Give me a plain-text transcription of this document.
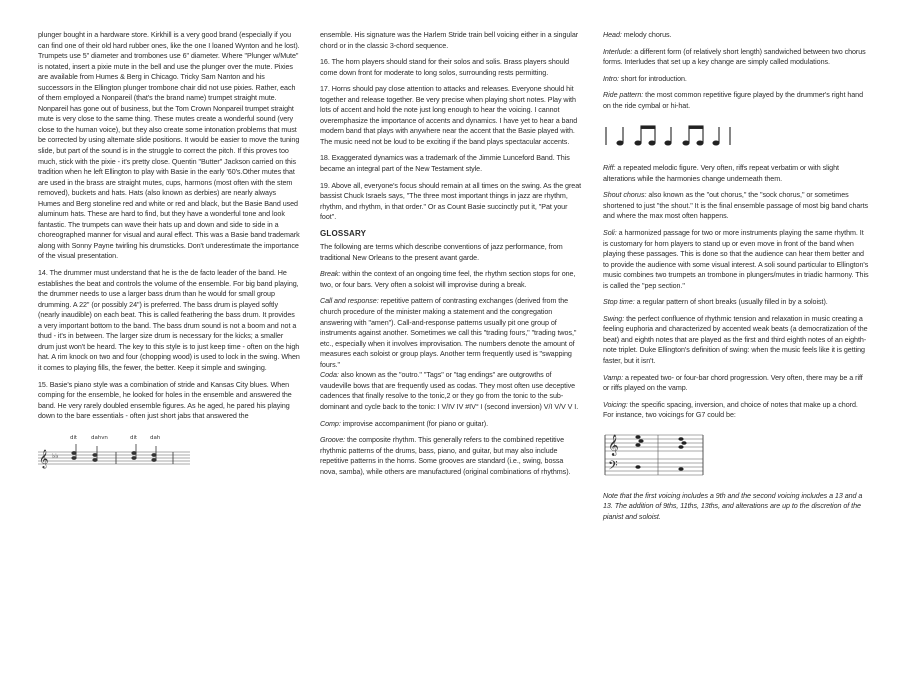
plunger bought in a hardware store. Kirkhill is a very good brand (especially if you can find one of their old hard rubber ones, like the one I loaned Wynton and he lost). Trumpets use 5" diameter and trombones use 6" diameter. Where "Plunger w/Mute" is notated, insert a pixie mute in the bell and use the plunger over the mute. Pixies are available from Humes & Berg in Chicago. Tricky Sam Nanton and his successors in the Ellington plunger trombone chair did not use pixies. Rather, each of them employed a Nonpareil (that's the brand name) trumpet straight mute. Nonpareil has gone out of business, but the Tom Crown Nonpareil trumpet straight mute is very close to the same thing. These mutes create a wonderful sound (very close to the human voice), but they also create some intonation problems that must be corrected by using alternate slide positions. It would be easier to move the tuning slide, but part of the sound is in the struggle to correct the pitch. If this proves too much, stick with the pixie - it's pretty close. Quentin "Butter" Jackson carried on this tradition when he left Ellington to play with Basie in the early '60's.Other mutes that are used in the brass are straight mutes, cups, harmons (most often with the stem removed), buckets and hats. Hats (also known as derbies) are nearly always Humes and Berg stoneline red and white or red and black, but the Basie Band used aluminum hats. These are hard to find, but they have a wonderful tone and look fantastic. The trumpets can wave their hats up and down and side to side in a choreographed manner for visual and aural effect. This was a Basie band trademark along with Sonny Payne twirling his drumsticks. Don't underestimate the importance of the visual presentation.

14. The drummer must understand that he is the de facto leader of the band. He establishes the beat and controls the volume of the ensemble. For big band playing, the drummer needs to use a larger bass drum than he would for small group drumming. A 22" (or possibly 24") is preferred. The bass drum is played softly (nearly inaudible) on each beat. This is called feathering the bass drum. It provides a very important bottom to the band. The bass drum sound is not a boom and not a thud - it's in between. The larger size drum is necessary for the kicks; a smaller drum just won't be heard. The key to this style is to just keep time - often on the high hat. A rim knock on two and four (chopping wood) is used to lock in the swing. When it comes to playing fills, the fewer, the better. Keep it simple and swinging.

15. Basie's piano style was a combination of stride and Kansas City blues. When comping for the ensemble, he looked for holes in the ensemble and answered the band. He very rarely doubled ensemble figures. As he aged, he pared his playing down to the bare essentials - often just short jabs that answered the

𝄞 ♭♭
dit	dahvn	dit dah

ensemble. His signature was the Harlem Stride train bell voicing either in a singular chord or in the classic 3-chord sequence.

16. The horn players should stand for their solos and solis. Brass players should come down front for moderate to long solos, surrounding rests permitting.

17. Horns should pay close attention to attacks and releases. Everyone should hit together and release together. Be very precise when playing short notes. Play with lots of accent and hold the note just long enough to hear the voicing. I cannot overemphasize the importance of accents and dynamics. I have yet to hear a band modern band that plays with anywhere near the accent that the Basie played with. The music need not be loud to be exciting if the band plays spectacular accents.

18. Exaggerated dynamics was a trademark of the Jimmie Lunceford Band. This became an integral part of the New Testament style.

19. Above all, everyone's focus should remain at all times on the swing. As the great bassist Chuck Israels says, "The three most important things in jazz are rhythm, rhythm, and rhythm, in that order." Or as Count Basie succinctly put it, "Pat your foot".

GLOSSARY

The following are terms which describe conventions of jazz performance, from traditional New Orleans to the present avant garde.

Break: within the context of an ongoing time feel, the rhythm section stops for one, two, or four bars. Very often a soloist will improvise during a break.

Call and response: repetitive pattern of contrasting exchanges (derived from the church procedure of the minister making a statement and the congregation answering with "amen"). Call-and-response patterns usually pit one group of instruments against another. Sometimes we call this "trading fours," "trading twos," etc., especially when it involves improvisation. The numbers denote the amount of measures each soloist or group plays. Another term frequently used is "swapping fours."
Coda: also known as the "outro." "Tags" or "tag endings" are outgrowths of vaudeville bows that are frequently used as codas. They most often use deceptive cadences that finally resolve to the tonic,2 or they go from the tonic to the sub-dominant and cycle back to the tonic: I V/IV IV #IV° I (second inversion) V/I V/V V I.

Comp: improvise accompaniment (for piano or guitar).

Groove: the composite rhythm. This generally refers to the combined repetitive rhythmic patterns of the drums, bass, piano, and guitar, but may also include repetitive patterns in the horns. Some grooves are standard (i.e., swing, bossa nova, samba), while others are manufactured (original combinations of rhythms).

Head: melody chorus.

Interlude: a different form (of relatively short length) sandwiched between two chorus forms. Interludes that set up a key change are simply called modulations.

Intro: short for introduction.

Ride pattern: the most common repetitive figure played by the drummer's right hand on the ride cymbal or hi-hat.

Riff: a repeated melodic figure. Very often, riffs repeat verbatim or with slight alterations while the harmonies change underneath them.

Shout chorus: also known as the "out chorus," the "sock chorus," or sometimes shortened to just "the shout." It is the final ensemble passage of most big band charts and where the max most often happens.

Soli: a harmonized passage for two or more instruments playing the same rhythm. It is customary for horn players to stand up or even move in front of the band when playing these passages. This is done so that the audience can hear them better and to provide the audience with some visual interest. A soli sound particular to Ellington's music combines two trumpets an trombone in plungers/mutes in triadic harmony. This is called the "pep section."

Stop time: a regular pattern of short breaks (usually filled in by a soloist).

Swing: the perfect confluence of rhythmic tension and relaxation in music creating a feeling euphoria and characterized by accented weak beats (a democratization of the beat) and eighth notes that are played as the first and third eighth notes of an eighth-note triplet. Duke Ellington's definition of swing: when the music feels like it is getting faster, but it isn't.

Vamp: a repeated two- or four-bar chord progression. Very often, there may be a riff or riffs played on the vamp.

Voicing: the specific spacing, inversion, and choice of notes that make up a chord. For instance, two voicings for G7 could be:

𝄞
𝄢

Note that the first voicing includes a 9th and the second voicing includes a 13 and a 13. The addition of 9ths, 11ths, 13ths, and alterations are up to the discretion of the pianist and soloist.
